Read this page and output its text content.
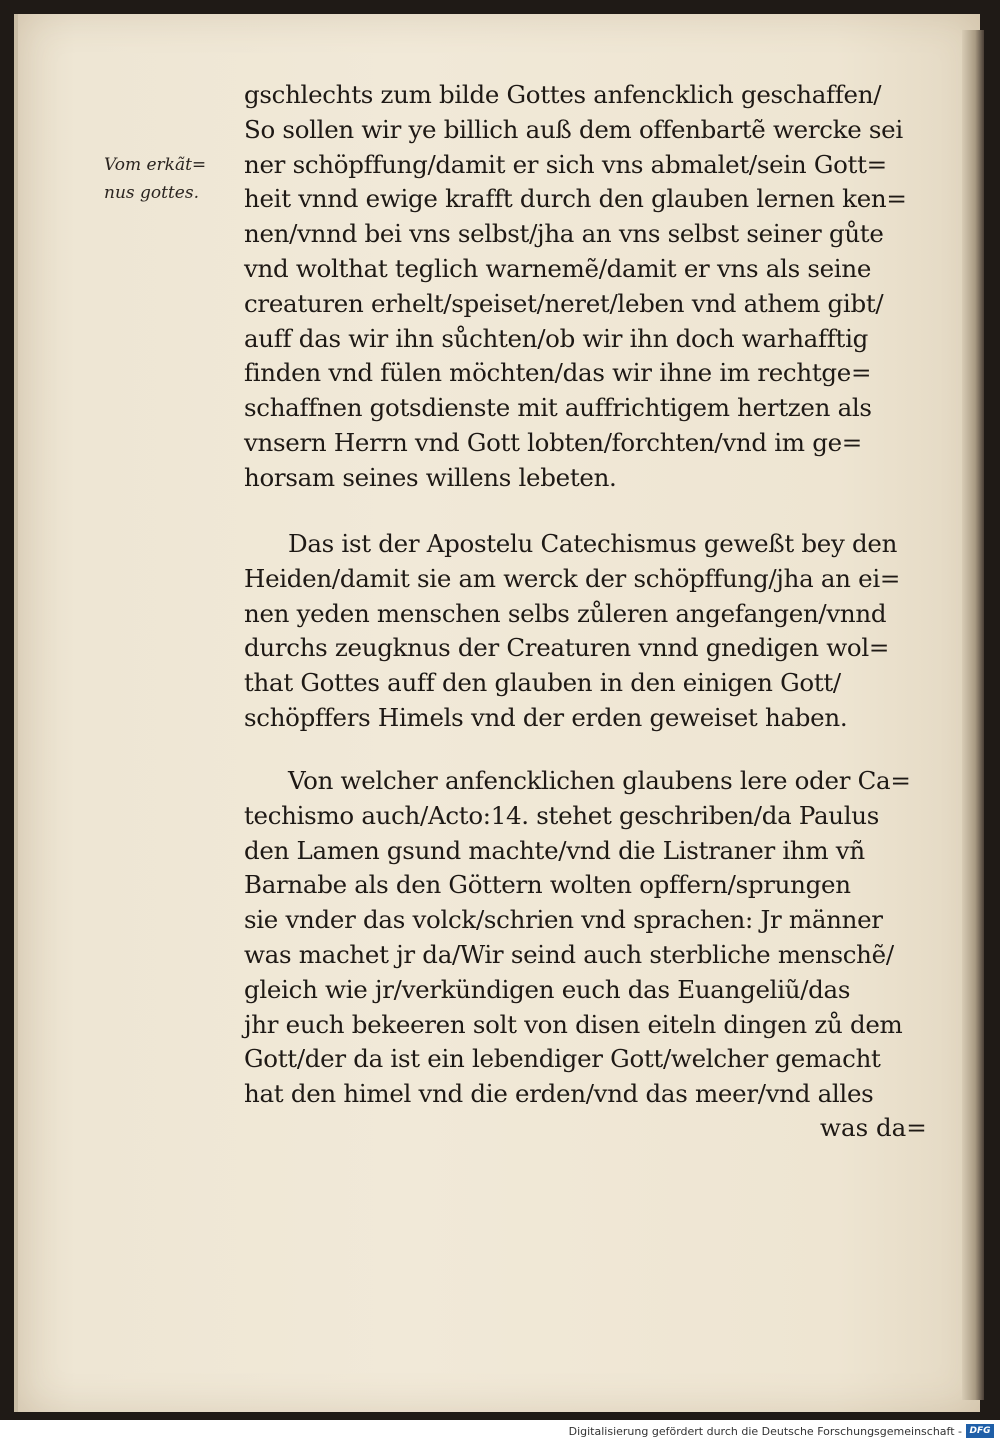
Vom erkãt=
nus gottes.
gschlechts zum bilde Gottes anfencklich geschaffen/
So sollen wir ye billich auß dem offenbartẽ wercke sei
ner schöpffung/damit er sich vns abmalet/sein Gott=
heit vnnd ewige krafft durch den glauben lernen ken=
nen/vnnd bei vns selbst/jha an vns selbst seiner gůte
vnd wolthat teglich warnemẽ/damit er vns als seine
creaturen erhelt/speiset/neret/leben vnd athem gibt/
auff das wir ihn sůchten/ob wir ihn doch warhafftig
finden vnd fülen möchten/das wir ihne im rechtge=
schaffnen gotsdienste mit auffrichtigem hertzen als
vnsern Herrn vnd Gott lobten/forchten/vnd im ge=
horsam seines willens lebeten.
Das ist der Apostelu Catechismus geweßt bey den
Heiden/damit sie am werck der schöpffung/jha an ei=
nen yeden menschen selbs zůleren angefangen/vnnd
durchs zeugknus der Creaturen vnnd gnedigen wol=
that Gottes auff den glauben in den einigen Gott/
schöpffers Himels vnd der erden geweiset haben.
Von welcher anfencklichen glaubens lere oder Ca=
techismo auch/Acto:14. stehet geschriben/da Paulus
den Lamen gsund machte/vnd die Listraner ihm vñ
Barnabe als den Göttern wolten opffern/sprungen
sie vnder das volck/schrien vnd sprachen: Jr männer
was machet jr da/Wir seind auch sterbliche menschẽ/
gleich wie jr/verkündigen euch das Euangeliũ/das
jhr euch bekeeren solt von disen eiteln dingen zů dem
Gott/der da ist ein lebendiger Gott/welcher gemacht
hat den himel vnd die erden/vnd das meer/vnd alles
was da=
Digitalisierung gefördert durch die Deutsche Forschungsgemeinschaft - DFG
